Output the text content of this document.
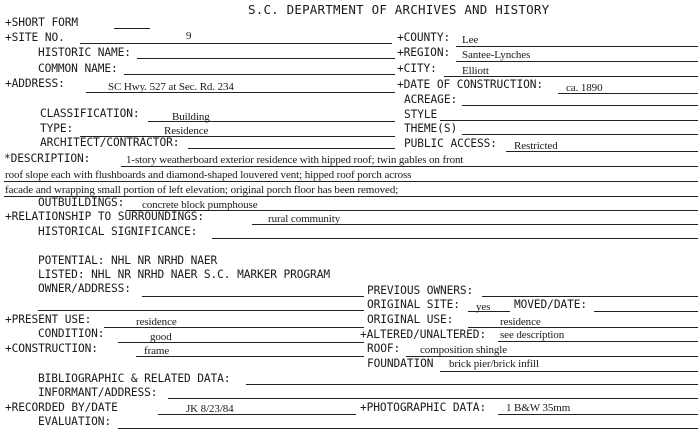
S.C. DEPARTMENT OF ARCHIVES AND HISTORY
+SHORT FORM
+SITE NO.	9	+COUNTY: Lee
HISTORIC NAME:	+REGION: Santee-Lynches
COMMON NAME:	+CITY: Elliott
+ADDRESS:	SC Hwy. 527 at Sec. Rd. 234	+DATE OF CONSTRUCTION: ca. 1890
ACREAGE:
CLASSIFICATION:	Building	STYLE
TYPE:	Residence	THEME(S)
ARCHITECT/CONTRACTOR:	PUBLIC ACCESS: Restricted
*DESCRIPTION:	1-story weatherboard exterior residence with hipped roof; twin gables on front
roof slope each with flushboards and diamond-shaped louvered vent; hipped roof porch across
facade and wrapping small portion of left elevation; original porch floor has been removed;
OUTBUILDINGS: concrete block pumphouse
+RELATIONSHIP TO SURROUNDINGS:	rural community
HISTORICAL SIGNIFICANCE:
POTENTIAL: NHL NR NRHD NAER
LISTED: NHL NR NRHD NAER S.C. MARKER PROGRAM
OWNER/ADDRESS:	PREVIOUS OWNERS:
ORIGINAL SITE: yes MOVED/DATE:
+PRESENT USE:	residence	ORIGINAL USE:	residence
CONDITION:	good	+ALTERED/UNALTERED: see description
+CONSTRUCTION:	frame	ROOF: composition shingle
FOUNDATION brick pier/brick infill
BIBLIOGRAPHIC & RELATED DATA:
INFORMANT/ADDRESS:
+RECORDED BY/DATE	JK 8/23/84	+PHOTOGRAPHIC DATA: 1 B&W 35mm
EVALUATION:
